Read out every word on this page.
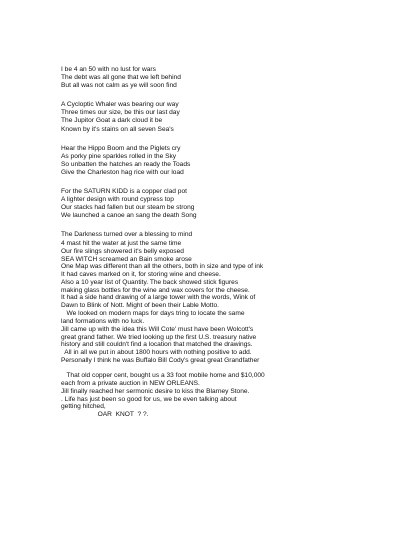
I be 4 an 50 with no lust for wars
The debt was all gone that we left behind
But all was not calm as ye will soon find
A Cycloptic Whaler was bearing our way
Three times our size, be this our last day
The Jupitor Goat a dark cloud it be
Known by it's stains on all seven Sea's
Hear the Hippo Boom and the Piglets cry
As porky pine sparkles rolled in the Sky
So unbatten the hatches an ready the Toads
Give the Charleston hag rice with our load
For the SATURN KIDD is a copper clad pot
A lighter design with round cypress top
Our stacks had fallen but our steam be strong
We launched a canoe an sang the death Song
The Darkness turned over a blessing to mind
4 mast hit the water at just the same time
Our fire slings showered it's belly exposed
SEA WITCH screamed an Bain smoke arose
One Map was different than all the others, both in size and type of ink
It had caves marked on it, for storing wine and cheese.
Also a 10 year list of Quantity. The back showed stick figures
making glass bottles for the wine and wax covers for the cheese.
It had a side hand drawing of a large tower with the words, Wink of
Dawn to Blink of Nott. Might of been their Lable Motto.
We looked on modern maps for days tring to locate the same
land formations with no luck.
Jill came up with the idea this Will Cote' must have been Wolcott's
great grand father. We tried looking up the first U.S. treasury native
history and still couldn't find a location that matched the drawings.
All in all we put in about 1800 hours with nothing positive to add.
Personally I think he was Buffalo Bill Cody's great great Grandfather
That old copper cent, bought us a 33 foot mobile home and $10,000
each from a private auction in NEW ORLEANS.
Jill finally reached her sermonic desire to kiss the Blarney Stone.
. Life has just been so good for us, we be even talking about
getting hitched,
OAR  KNOT  ? ?.
